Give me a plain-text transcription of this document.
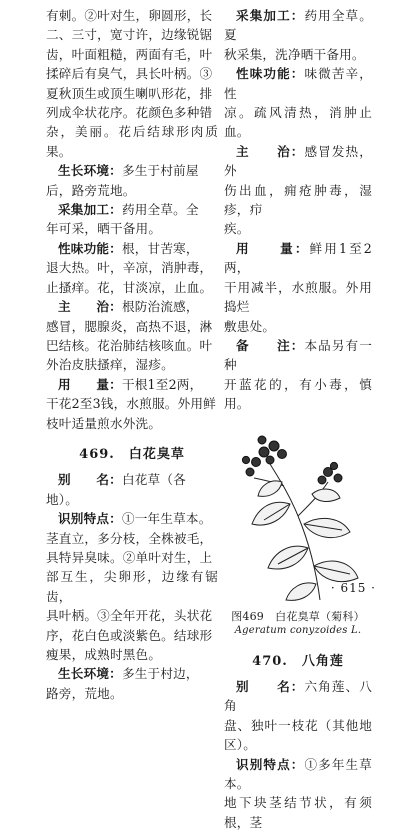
有刺。②叶对生，卵圆形，长
二、三寸，宽寸许，边缘锐锯
齿，叶面粗糙，两面有毛，叶
揉碎后有臭气，具长叶柄。③
夏秋顶生或顶生喇叭形花，排
列成伞状花序。花颜色多种错
杂，美丽。花后结球形肉质果。

生长环境：多生于村前屋
后，路旁荒地。

采集加工：药用全草。全
年可采，晒干备用。

性味功能：根，甘苦寒，
退大热。叶，辛凉，消肿毒，
止搔痒。花，甘淡凉，止血。

主　　治：根防治流感，
感冒，腮腺炎，高热不退，淋
巴结核。花治肺结核咳血。叶
外治皮肤搔痒，湿疹。

用　　量：干根1至2两，
干花2至3钱，水煎服。外用鲜
枝叶适量煎水外洗。

469.　白花臭草

别　　名：白花草（各
地）。

识别特点：①一年生草本。
茎直立，多分枝，全株被毛，
具特异臭味。②单叶对生，上
部互生，尖卵形，边缘有锯齿，
具叶柄。③全年开花，头状花
序，花白色或淡紫色。结球形
瘦果，成熟时黑色。

生长环境：多生于村边，
路旁，荒地。

采集加工：药用全草。夏
秋采集，洗净晒干备用。

性味功能：味微苦辛，性
凉。疏风清热，消肿止血。

主　　治：感冒发热，外
伤出血，痈疮肿毒，湿疹，疖
疾。

用　　量：鲜用1至2两，
干用减半，水煎服。外用捣烂
敷患处。

备　　注：本品另有一种
开蓝花的，有小毒，慎用。

图469　白花臭草（菊科）
Ageratum conyzoides L.
470.　八角莲

别　　名：六角莲、八角
盘、独叶一枝花（其他地区）。

识别特点：①多年生草本。
地下块茎结节状，有须根，茎

· 615 ·
